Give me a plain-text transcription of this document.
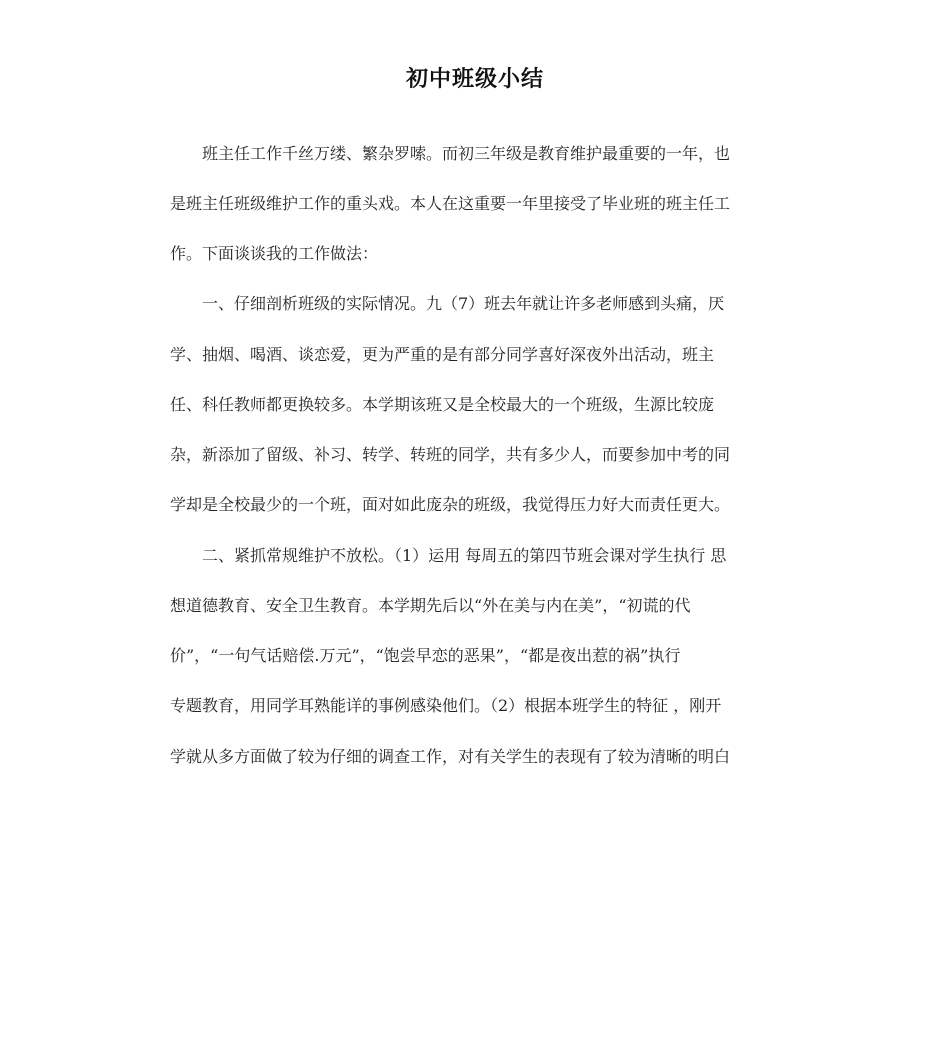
初中班级小结
　　班主任工作千丝万缕、繁杂罗嗦。而初三年级是教育维护最重要的一年，也
是班主任班级维护工作的重头戏。本人在这重要一年里接受了毕业班的班主任工
作。下面谈谈我的工作做法：
　　一、仔细剖析班级的实际情况。九（7）班去年就让许多老师感到头痛，厌
学、抽烟、喝酒、谈恋爱，更为严重的是有部分同学喜好深夜外出活动，班主
任、科任教师都更换较多。本学期该班又是全校最大的一个班级，生源比较庞
杂，新添加了留级、补习、转学、转班的同学，共有多少人，而要参加中考的同
学却是全校最少的一个班，面对如此庞杂的班级，我觉得压力好大而责任更大。
　　二、紧抓常规维护不放松。（1）运用 每周五的第四节班会课对学生执行 思
想道德教育、安全卫生教育。本学期先后以“外在美与内在美”，“初谎的代
价”，“一句气话赔偿.万元”，“饱尝早恋的恶果”，“都是夜出惹的祸”执行
专题教育，用同学耳熟能详的事例感染他们。（2）根据本班学生的特征 ，刚开
学就从多方面做了较为仔细的调查工作，对有关学生的表现有了较为清晰的明白
